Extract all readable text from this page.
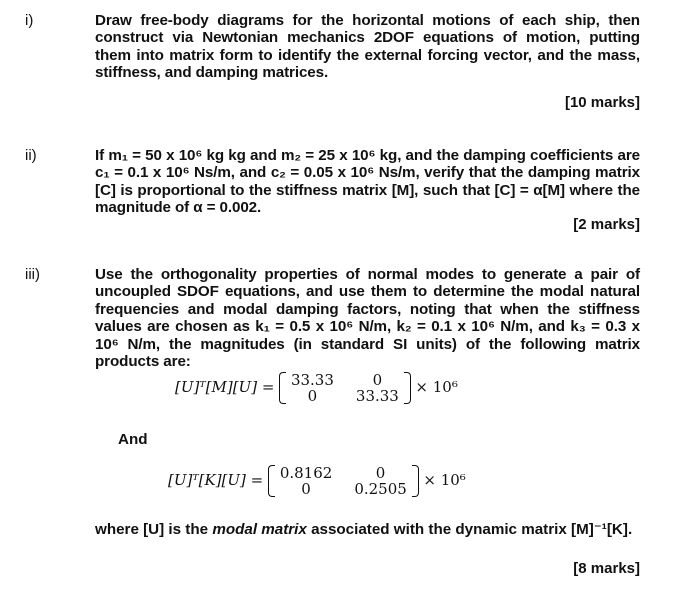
i)	Draw free-body diagrams for the horizontal motions of each ship, then construct via Newtonian mechanics 2DOF equations of motion, putting them into matrix form to identify the external forcing vector, and the mass, stiffness, and damping matrices.
[10 marks]
ii)	If m₁ = 50 x 10⁶ kg kg and m₂ = 25 x 10⁶ kg, and the damping coefficients are c₁ = 0.1 x 10⁶ Ns/m, and c₂ = 0.05 x 10⁶ Ns/m, verify that the damping matrix [C] is proportional to the stiffness matrix [M], such that [C] = α[M] where the magnitude of α = 0.002.
[2 marks]
iii)	Use the orthogonality properties of normal modes to generate a pair of uncoupled SDOF equations, and use them to determine the modal natural frequencies and modal damping factors, noting that when the stiffness values are chosen as k₁ = 0.5 x 10⁶ N/m, k₂ = 0.1 x 10⁶ N/m, and k₃ = 0.3 x 10⁶ N/m, the magnitudes (in standard SI units) of the following matrix products are:
[U]ᵀ[M][U] = 33.33	0
0	33.33 × 10⁶
And
[U]ᵀ[K][U] = 0.8162	0
0	0.2505 × 10⁶
where [U] is the modal matrix associated with the dynamic matrix [M]⁻¹[K].
[8 marks]
